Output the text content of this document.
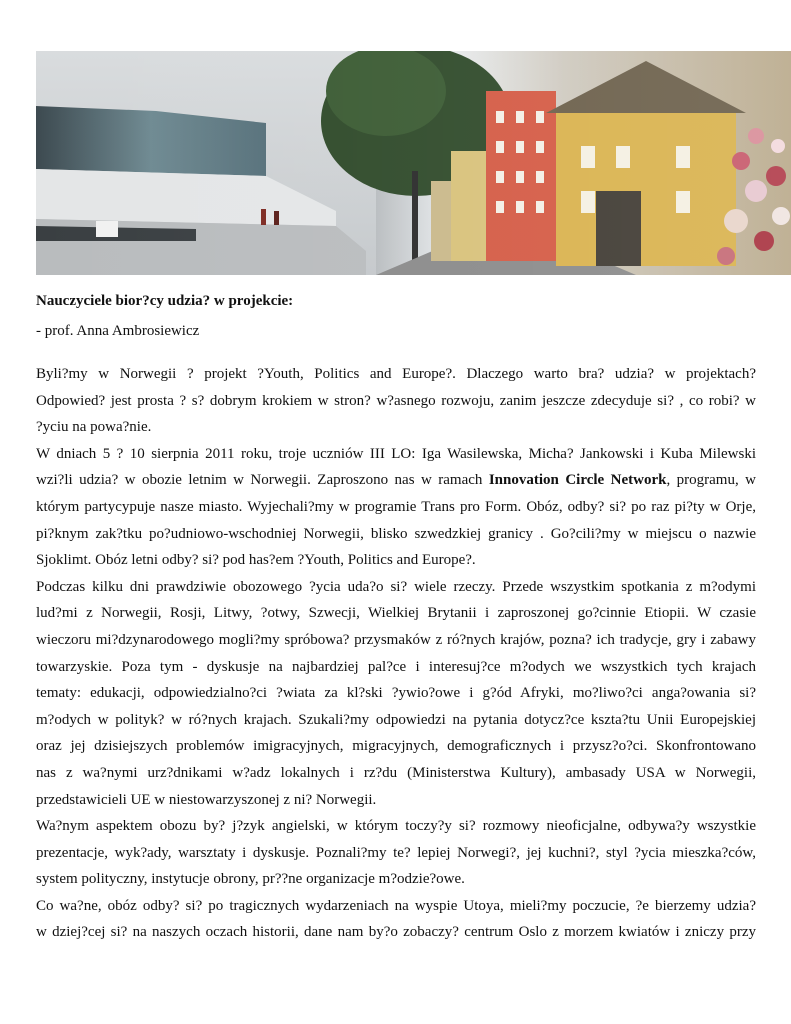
Nauczyciele bior?cy udzia? w projekcie:

- prof. Anna Ambrosiewicz

Byli?my w Norwegii ? projekt ?Youth, Politics and Europe?. Dlaczego warto bra? udzia? w projektach?
Odpowied? jest prosta ? s? dobrym krokiem w stron? w?asnego rozwoju, zanim jeszcze zdecyduje si? , co robi? w
?yciu na powa?nie.

W dniach 5 ? 10 sierpnia 2011 roku, troje uczniów III LO: Iga Wasilewska, Micha? Jankowski i Kuba Milewski
wzi?li udzia? w obozie letnim w Norwegii. Zaproszono nas w ramach Innovation Circle Network, programu, w
którym partycypuje nasze miasto. Wyjechali?my w programie Trans pro Form. Obóz, odby? si? po raz pi?ty w Orje,
pi?knym zak?tku po?udniowo-wschodniej Norwegii, blisko szwedzkiej granicy . Go?cili?my w miejscu o nazwie
Sjoklimt. Obóz letni odby? si? pod has?em ?Youth, Politics and Europe?.

Podczas kilku dni prawdziwie obozowego ?ycia uda?o si? wiele rzeczy. Przede wszystkim spotkania z m?odymi
lud?mi z Norwegii, Rosji, Litwy, ?otwy, Szwecji, Wielkiej Brytanii i zaproszonej go?cinnie Etiopii. W czasie
wieczoru mi?dzynarodowego mogli?my spróbowa? przysmaków z ró?nych krajów, pozna? ich tradycje, gry i zabawy
towarzyskie. Poza tym - dyskusje na najbardziej pal?ce i interesuj?ce m?odych we wszystkich tych krajach
tematy: edukacji, odpowiedzialno?ci ?wiata za kl?ski ?ywio?owe i g?ód Afryki, mo?liwo?ci anga?owania si?
m?odych w polityk? w ró?nych krajach. Szukali?my odpowiedzi na pytania dotycz?ce kszta?tu Unii Europejskiej
oraz jej dzisiejszych problemów imigracyjnych, migracyjnych, demograficznych i przysz?o?ci. Skonfrontowano
nas z wa?nymi urz?dnikami w?adz lokalnych i rz?du (Ministerstwa Kultury), ambasady USA w Norwegii,
przedstawicieli UE w niestowarzyszonej z ni? Norwegii.

Wa?nym aspektem obozu by? j?zyk angielski, w którym toczy?y si? rozmowy nieoficjalne, odbywa?y wszystkie
prezentacje, wyk?ady, warsztaty i dyskusje. Poznali?my te? lepiej Norwegi?, jej kuchni?, styl ?ycia mieszka?ców,
system polityczny, instytucje obrony, pr??ne organizacje m?odzie?owe.

Co wa?ne, obóz odby? si? po tragicznych wydarzeniach na wyspie Utoya, mieli?my poczucie, ?e bierzemy udzia?
w dziej?cej si? na naszych oczach historii, dane nam by?o zobaczy? centrum Oslo z morzem kwiatów i zniczy przy
